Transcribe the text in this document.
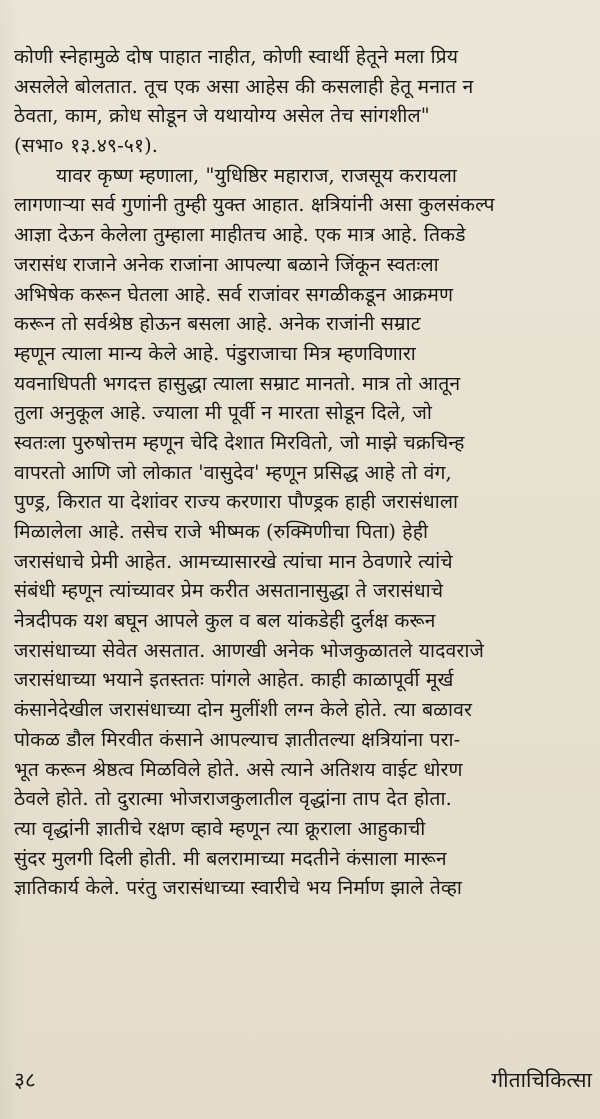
कोणी स्नेहामुळे दोष पाहात नाहीत, कोणी स्वार्थी हेतूने मला प्रिय
असलेले बोलतात. तूच एक असा आहेस की कसलाही हेतू मनात न
ठेवता, काम, क्रोध सोडून जे यथायोग्य असेल तेच सांगशील"
(सभा० १३.४९-५१).
यावर कृष्ण म्हणाला, "युधिष्ठिर महाराज, राजसूय करायला
लागणाऱ्या सर्व गुणांनी तुम्ही युक्त आहात. क्षत्रियांनी असा कुलसंकल्प
आज्ञा देऊन केलेला तुम्हाला माहीतच आहे. एक मात्र आहे. तिकडे
जरासंध राजाने अनेक राजांना आपल्या बळाने जिंकून स्वतःला
अभिषेक करून घेतला आहे. सर्व राजांवर सगळीकडून आक्रमण
करून तो सर्वश्रेष्ठ होऊन बसला आहे. अनेक राजांनी सम्राट
म्हणून त्याला मान्य केले आहे. पंडुराजाचा मित्र म्हणविणारा
यवनाधिपती भगदत्त हासुद्धा त्याला सम्राट मानतो. मात्र तो आतून
तुला अनुकूल आहे. ज्याला मी पूर्वी न मारता सोडून दिले, जो
स्वतःला पुरुषोत्तम म्हणून चेदि देशात मिरवितो, जो माझे चक्रचिन्ह
वापरतो आणि जो लोकात 'वासुदेव' म्हणून प्रसिद्ध आहे तो वंग,
पुण्ड्र, किरात या देशांवर राज्य करणारा पौण्ड्रक हाही जरासंधाला
मिळालेला आहे. तसेच राजे भीष्मक (रुक्मिणीचा पिता) हेही
जरासंधाचे प्रेमी आहेत. आमच्यासारखे त्यांचा मान ठेवणारे त्यांचे
संबंधी म्हणून त्यांच्यावर प्रेम करीत असतानासुद्धा ते जरासंधाचे
नेत्रदीपक यश बघून आपले कुल व बल यांकडेही दुर्लक्ष करून
जरासंधाच्या सेवेत असतात. आणखी अनेक भोजकुळातले यादवराजे
जरासंधाच्या भयाने इतस्ततः पांगले आहेत. काही काळापूर्वी मूर्ख
कंसानेदेखील जरासंधाच्या दोन मुलींशी लग्न केले होते. त्या बळावर
पोकळ डौल मिरवीत कंसाने आपल्याच ज्ञातीतल्या क्षत्रियांना परा-
भूत करून श्रेष्ठत्व मिळविले होते. असे त्याने अतिशय वाईट धोरण
ठेवले होते. तो दुरात्मा भोजराजकुलातील वृद्धांना ताप देत होता.
त्या वृद्धांनी ज्ञातीचे रक्षण व्हावे म्हणून त्या क्रूराला आहुकाची
सुंदर मुलगी दिली होती. मी बलरामाच्या मदतीने कंसाला मारून
ज्ञातिकार्य केले. परंतु जरासंधाच्या स्वारीचे भय निर्माण झाले तेव्हा
३८	गीताचिकित्सा
